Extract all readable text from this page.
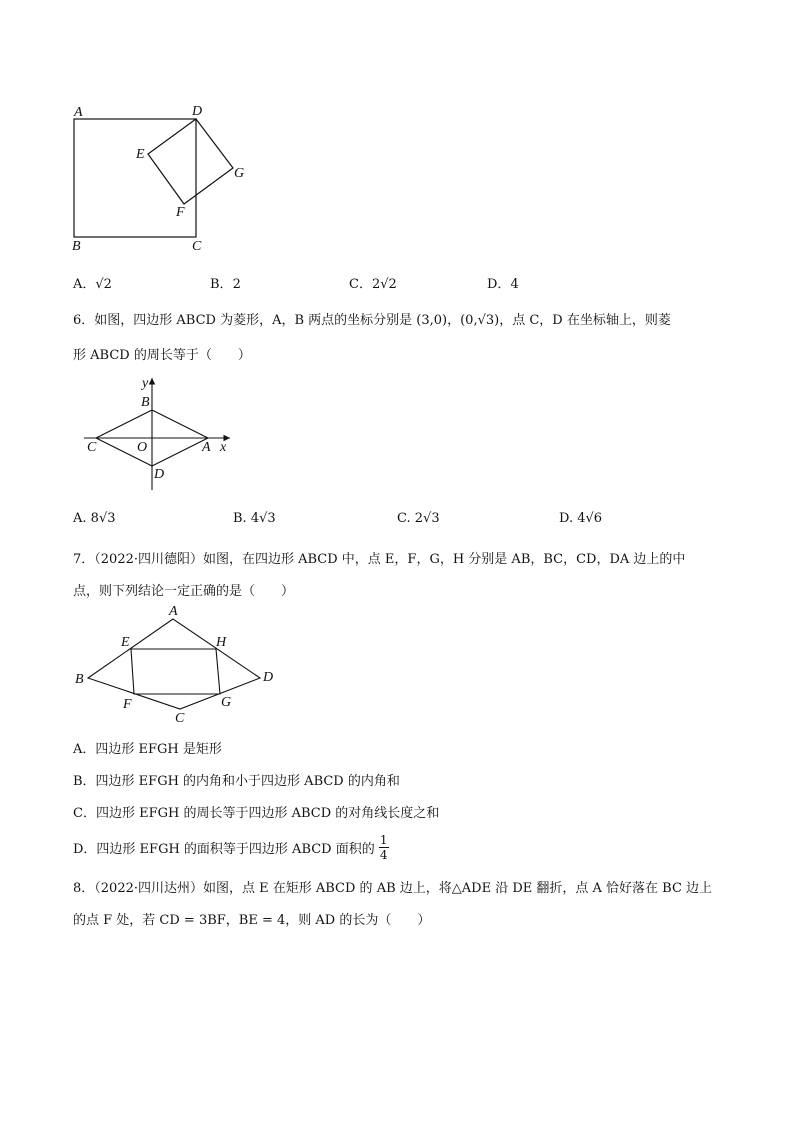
A	D
E
G
F
B	C
A．√2	B．2	C．2√2	D．4
6．如图，四边形 ABCD 为菱形，A，B 两点的坐标分别是 (3,0)，(0,√3)，点 C，D 在坐标轴上，则菱
形 ABCD 的周长等于（　　）
y
B
C	O	A x
D
A. 8√3	B. 4√3	C. 2√3	D. 4√6
7．（2022·四川德阳）如图，在四边形 ABCD 中，点 E，F，G，H 分别是 AB，BC，CD，DA 边上的中
点，则下列结论一定正确的是（　　）
A
E	H
B	D
F	G
C
A．四边形 EFGH 是矩形
B．四边形 EFGH 的内角和小于四边形 ABCD 的内角和
C．四边形 EFGH 的周长等于四边形 ABCD 的对角线长度之和
D．四边形 EFGH 的面积等于四边形 ABCD 面积的 $\frac{1}{4}$
8．（2022·四川达州）如图，点 E 在矩形 ABCD 的 AB 边上，将△ADE 沿 DE 翻折，点 A 恰好落在 BC 边上
的点 F 处，若 CD = 3BF，BE = 4，则 AD 的长为（　　）
